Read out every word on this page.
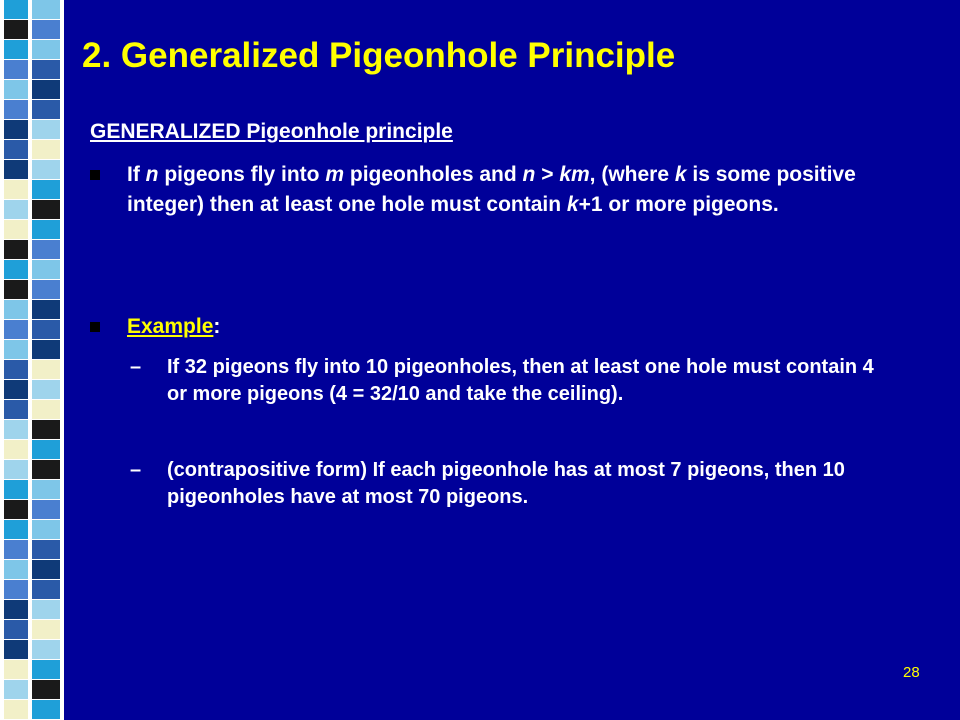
2. Generalized Pigeonhole Principle
GENERALIZED Pigeonhole principle
If n pigeons fly into m pigeonholes and n > km, (where k is some positive integer) then at least one hole must contain k+1 or more pigeons.
Example:
– If 32 pigeons fly into 10 pigeonholes, then at least one hole must contain 4 or more pigeons (4 = 32/10 and take the ceiling).
– (contrapositive form) If each pigeonhole has at most 7 pigeons, then 10 pigeonholes have at most 70 pigeons.
28
